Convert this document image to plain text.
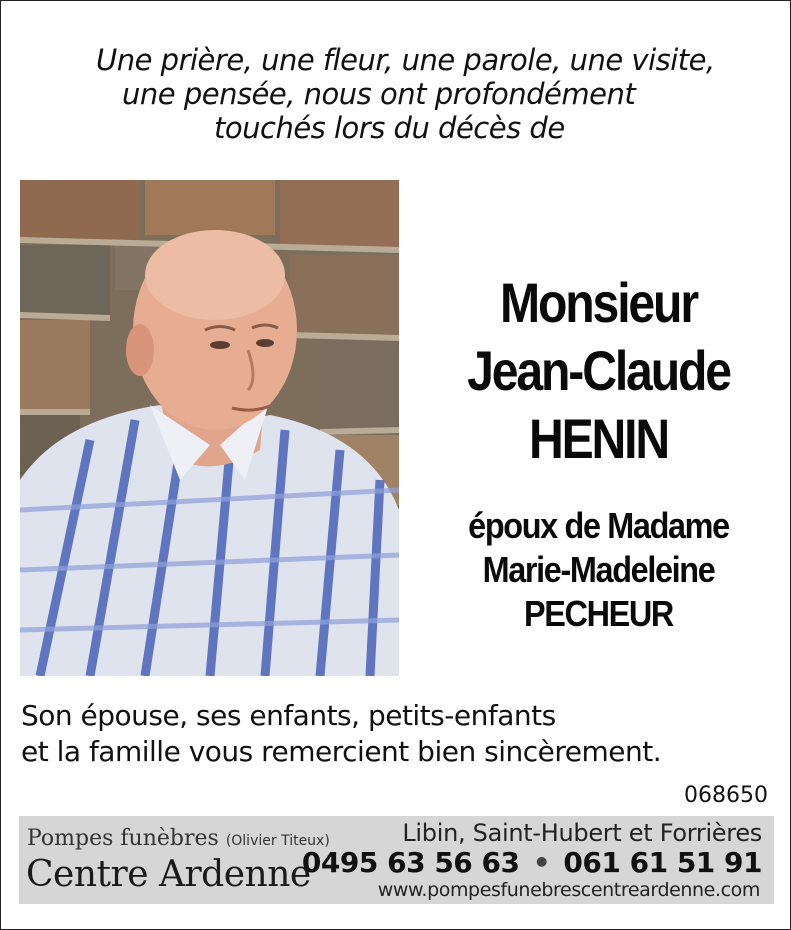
Une prière, une fleur, une parole, une visite,
une pensée, nous ont profondément
touchés lors du décès de
Monsieur
Jean-Claude
HENIN
époux de Madame
Marie-Madeleine
PECHEUR
Son épouse, ses enfants, petits-enfants
et la famille vous remercient bien sincèrement.
068650
Pompes funèbres (Olivier Titeux)
Centre Ardenne
Libin, Saint-Hubert et Forrières
0495 63 56 63 • 061 61 51 91
www.pompesfunebrescentreardenne.com
